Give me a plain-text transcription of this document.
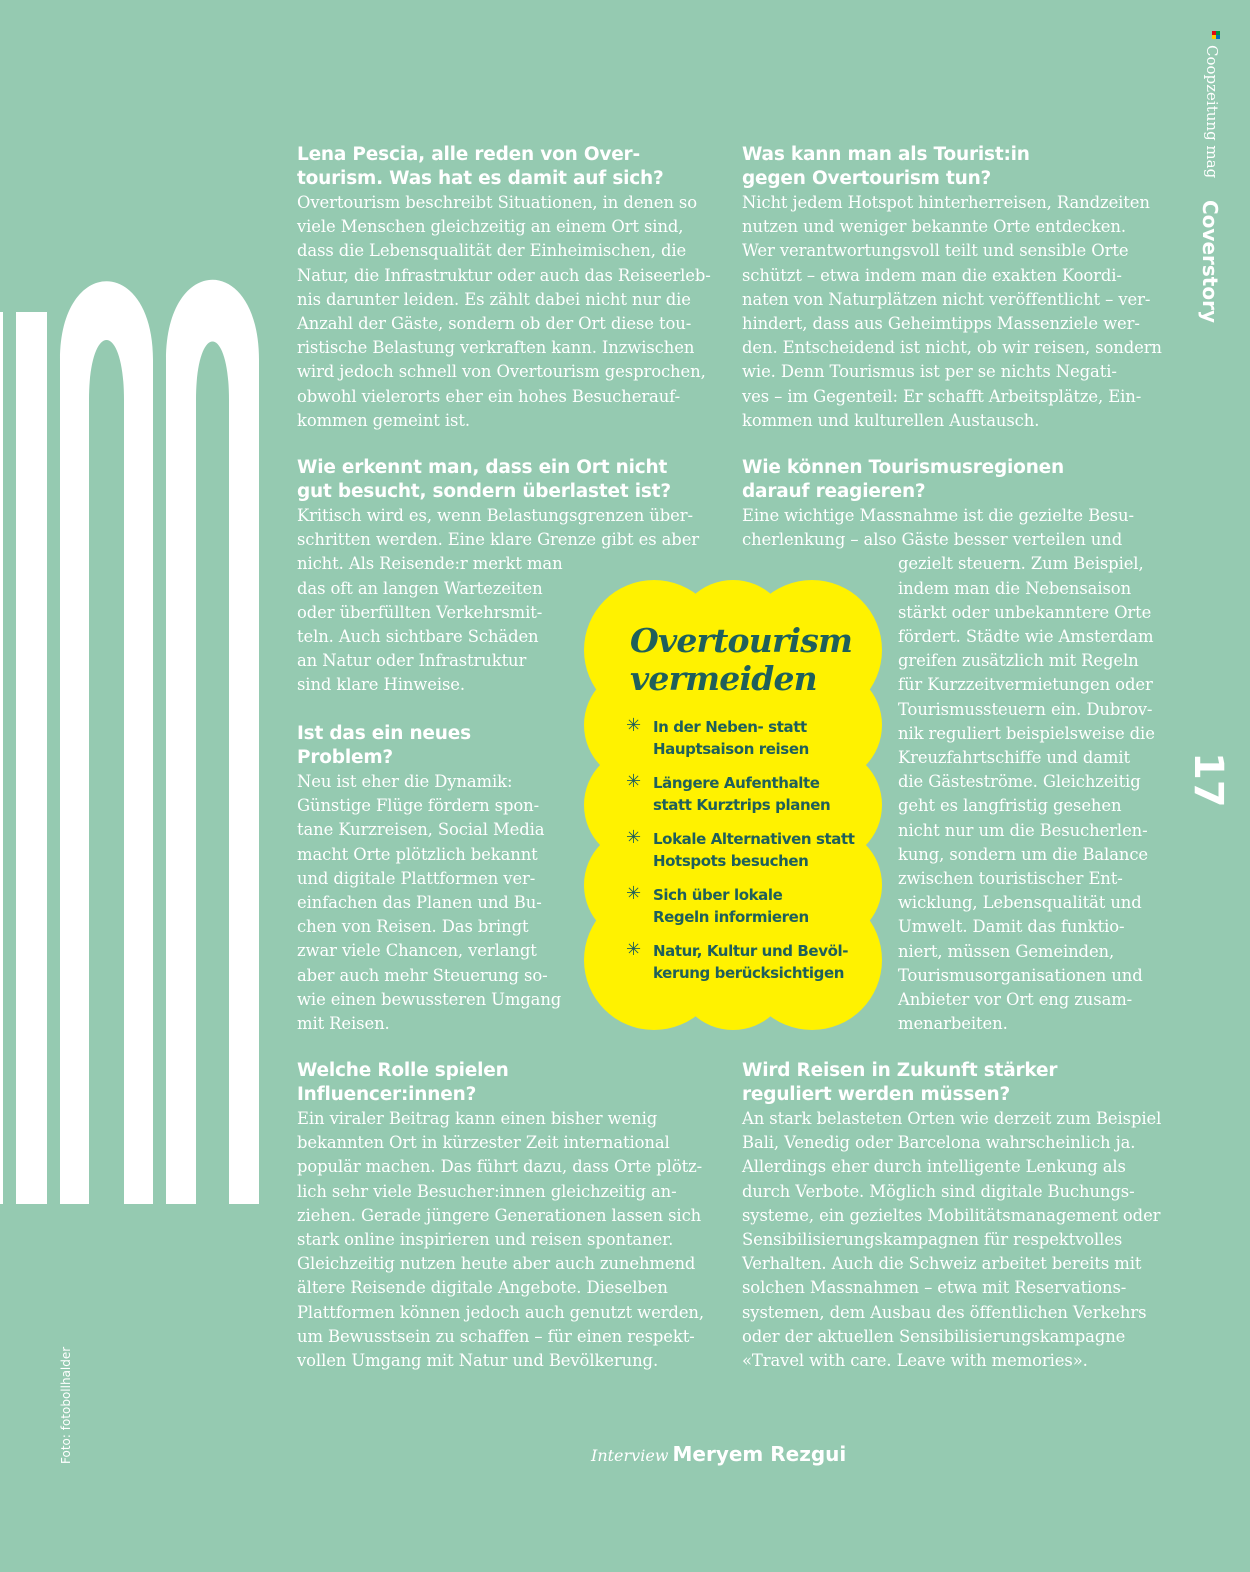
Coopzeitung mag
Coverstory
17
Foto: fotobollhalder
Lena Pescia, alle reden von Over-
tourism. Was hat es damit auf sich?

Overtourism beschreibt Situationen, in denen so
viele Menschen gleichzeitig an einem Ort sind,
dass die Lebensqualität der Einheimischen, die
Natur, die Infrastruktur oder auch das Reiseerleb-
nis darunter leiden. Es zählt dabei nicht nur die
Anzahl der Gäste, sondern ob der Ort diese tou-
ristische Belastung verkraften kann. Inzwischen
wird jedoch schnell von Overtourism gesprochen,
obwohl vielerorts eher ein hohes Besucherauf-
kommen gemeint ist.

Was kann man als Tourist:in
gegen Overtourism tun?

Nicht jedem Hotspot hinterherreisen, Randzeiten
nutzen und weniger bekannte Orte entdecken.
Wer verantwortungsvoll teilt und sensible Orte
schützt – etwa indem man die exakten Koordi-
naten von Naturplätzen nicht veröffentlicht – ver-
hindert, dass aus Geheimtipps Massenziele wer-
den. Entscheidend ist nicht, ob wir reisen, sondern
wie. Denn Tourismus ist per se nichts Negati-
ves – im Gegenteil: Er schafft Arbeitsplätze, Ein-
kommen und kulturellen Austausch.

Wie erkennt man, dass ein Ort nicht
gut besucht, sondern überlastet ist?

Kritisch wird es, wenn Belastungsgrenzen über-
schritten werden. Eine klare Grenze gibt es aber
nicht. Als Reisende:r merkt man
das oft an langen Wartezeiten
oder überfüllten Verkehrsmit-
teln. Auch sichtbare Schäden
an Natur oder Infrastruktur
sind klare Hinweise.

Wie können Tourismusregionen
darauf reagieren?

Eine wichtige Massnahme ist die gezielte Besu-
cherlenkung – also Gäste besser verteilen und
gezielt steuern. Zum Beispiel,
indem man die Nebensaison
stärkt oder unbekanntere Orte
fördert. Städte wie Amsterdam
greifen zusätzlich mit Regeln
für Kurzzeitvermietungen oder
Tourismussteuern ein. Dubrov-
nik reguliert beispielsweise die
Kreuzfahrtschiffe und damit
die Gästeströme. Gleichzeitig
geht es langfristig gesehen
nicht nur um die Besucherlen-
kung, sondern um die Balance
zwischen touristischer Ent-
wicklung, Lebensqualität und
Umwelt. Damit das funktio-
niert, müssen Gemeinden,
Tourismusorganisationen und
Anbieter vor Ort eng zusam-
menarbeiten.

Ist das ein neues
Problem?

Neu ist eher die Dynamik:
Günstige Flüge fördern spon-
tane Kurzreisen, Social Media
macht Orte plötzlich bekannt
und digitale Plattformen ver-
einfachen das Planen und Bu-
chen von Reisen. Das bringt
zwar viele Chancen, verlangt
aber auch mehr Steuerung so-
wie einen bewussteren Umgang
mit Reisen.

Welche Rolle spielen
Influencer:innen?

Ein viraler Beitrag kann einen bisher wenig
bekannten Ort in kürzester Zeit international
populär machen. Das führt dazu, dass Orte plötz-
lich sehr viele Besucher:innen gleichzeitig an-
ziehen. Gerade jüngere Generationen lassen sich
stark online inspirieren und reisen spontaner.
Gleichzeitig nutzen heute aber auch zunehmend
ältere Reisende digitale Angebote. Dieselben
Plattformen können jedoch auch genutzt werden,
um Bewusstsein zu schaffen – für einen respekt-
vollen Umgang mit Natur und Bevölkerung.

Wird Reisen in Zukunft stärker
reguliert werden müssen?

An stark belasteten Orten wie derzeit zum Beispiel
Bali, Venedig oder Barcelona wahrscheinlich ja.
Allerdings eher durch intelligente Lenkung als
durch Verbote. Möglich sind digitale Buchungs-
systeme, ein gezieltes Mobilitätsmanagement oder
Sensibilisierungskampagnen für respektvolles
Verhalten. Auch die Schweiz arbeitet bereits mit
solchen Massnahmen – etwa mit Reservations-
systemen, dem Ausbau des öffentlichen Verkehrs
oder der aktuellen Sensibilisierungskampagne
«Travel with care. Leave with memories».

Overtourism
vermeiden
✳ In der Neben- statt
Hauptsaison reisen
✳ Längere Aufenthalte
statt Kurztrips planen
✳ Lokale Alternativen statt
Hotspots besuchen
✳ Sich über lokale
Regeln informieren
✳ Natur, Kultur und Bevöl-
kerung berücksichtigen
Interview Meryem Rezgui
